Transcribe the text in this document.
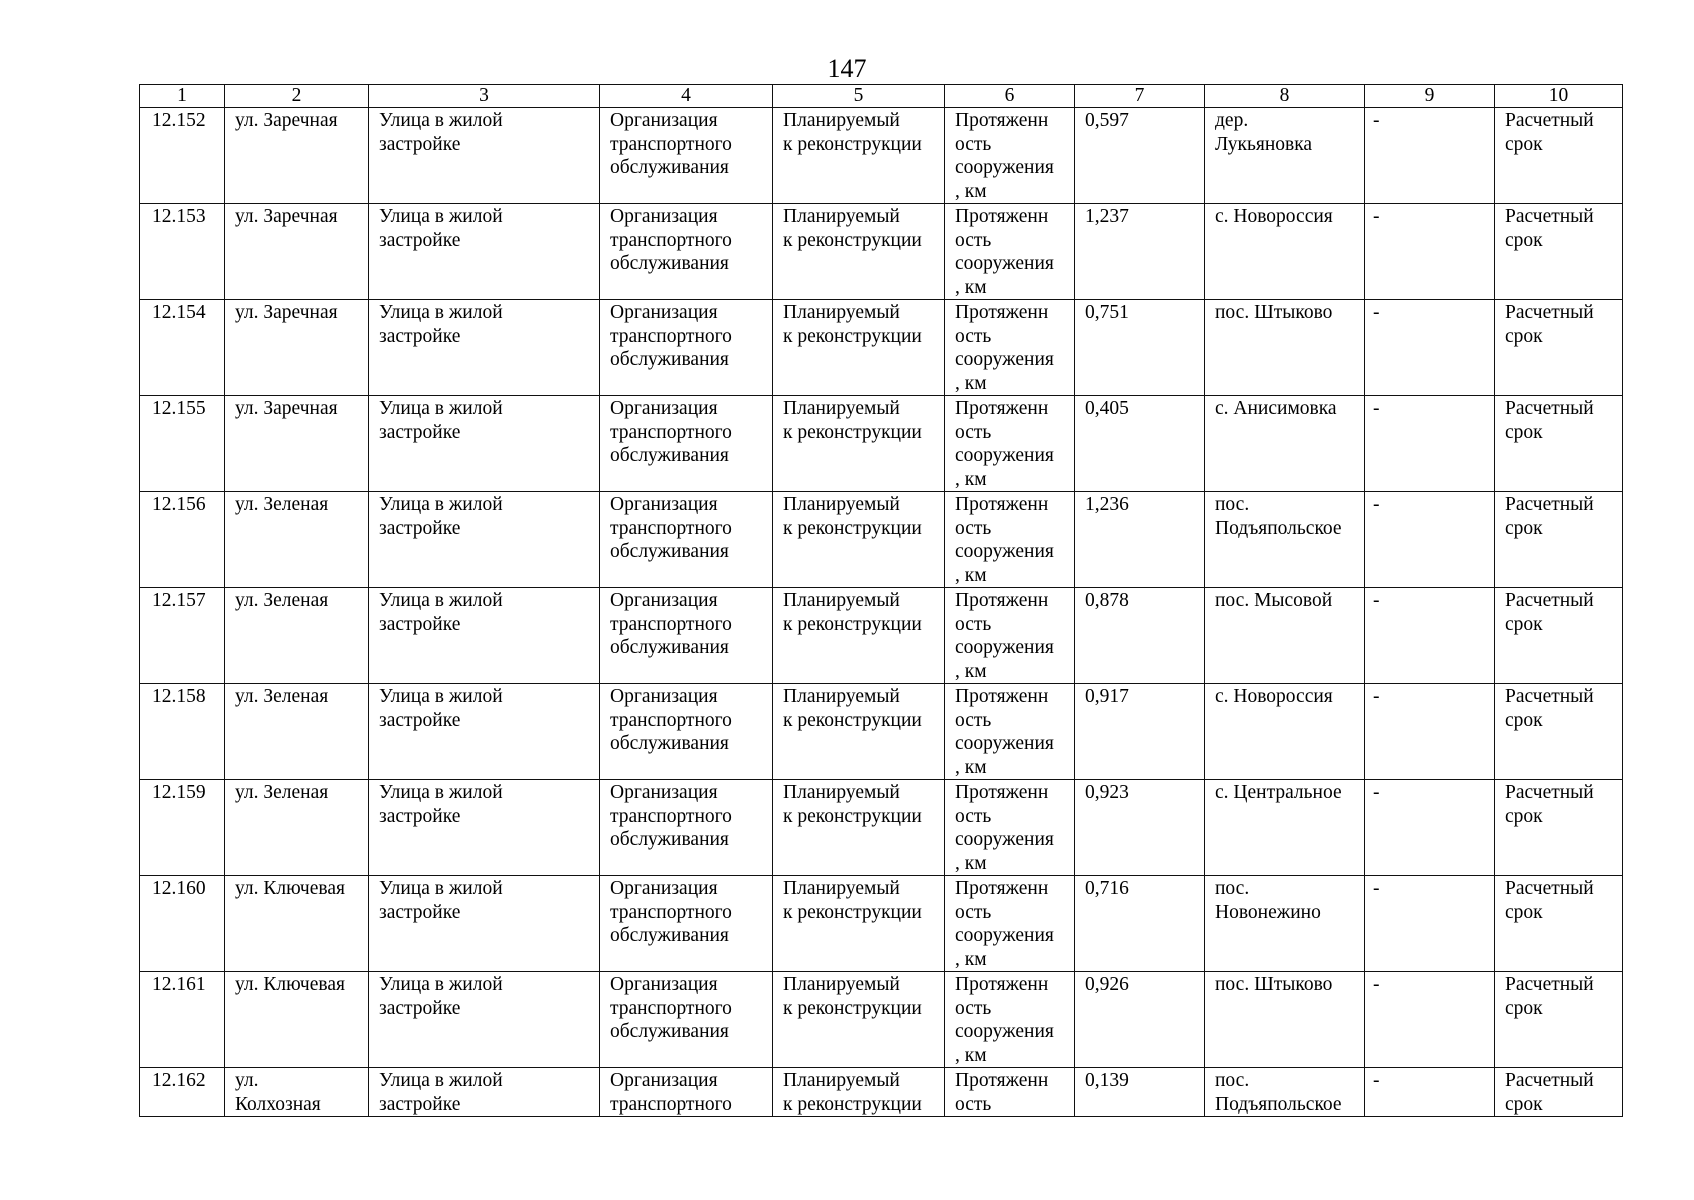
147
1	2	3	4	5	6	7	8	9	10
12.152	ул. Заречная	Улица в жилой
застройке	Организация
транспортного
обслуживания	Планируемый
к реконструкции	Протяженн
ость
сооружения
, км	0,597	дер.
Лукьяновка	-	Расчетный
срок
12.153	ул. Заречная	Улица в жилой
застройке	Организация
транспортного
обслуживания	Планируемый
к реконструкции	Протяженн
ость
сооружения
, км	1,237	с. Новороссия	-	Расчетный
срок
12.154	ул. Заречная	Улица в жилой
застройке	Организация
транспортного
обслуживания	Планируемый
к реконструкции	Протяженн
ость
сооружения
, км	0,751	пос. Штыково	-	Расчетный
срок
12.155	ул. Заречная	Улица в жилой
застройке	Организация
транспортного
обслуживания	Планируемый
к реконструкции	Протяженн
ость
сооружения
, км	0,405	с. Анисимовка	-	Расчетный
срок
12.156	ул. Зеленая	Улица в жилой
застройке	Организация
транспортного
обслуживания	Планируемый
к реконструкции	Протяженн
ость
сооружения
, км	1,236	пос.
Подъяпольское	-	Расчетный
срок
12.157	ул. Зеленая	Улица в жилой
застройке	Организация
транспортного
обслуживания	Планируемый
к реконструкции	Протяженн
ость
сооружения
, км	0,878	пос. Мысовой	-	Расчетный
срок
12.158	ул. Зеленая	Улица в жилой
застройке	Организация
транспортного
обслуживания	Планируемый
к реконструкции	Протяженн
ость
сооружения
, км	0,917	с. Новороссия	-	Расчетный
срок
12.159	ул. Зеленая	Улица в жилой
застройке	Организация
транспортного
обслуживания	Планируемый
к реконструкции	Протяженн
ость
сооружения
, км	0,923	с. Центральное	-	Расчетный
срок
12.160	ул. Ключевая	Улица в жилой
застройке	Организация
транспортного
обслуживания	Планируемый
к реконструкции	Протяженн
ость
сооружения
, км	0,716	пос.
Новонежино	-	Расчетный
срок
12.161	ул. Ключевая	Улица в жилой
застройке	Организация
транспортного
обслуживания	Планируемый
к реконструкции	Протяженн
ость
сооружения
, км	0,926	пос. Штыково	-	Расчетный
срок
12.162	ул.
Колхозная	Улица в жилой
застройке	Организация
транспортного	Планируемый
к реконструкции	Протяженн
ость	0,139	пос.
Подъяпольское	-	Расчетный
срок
